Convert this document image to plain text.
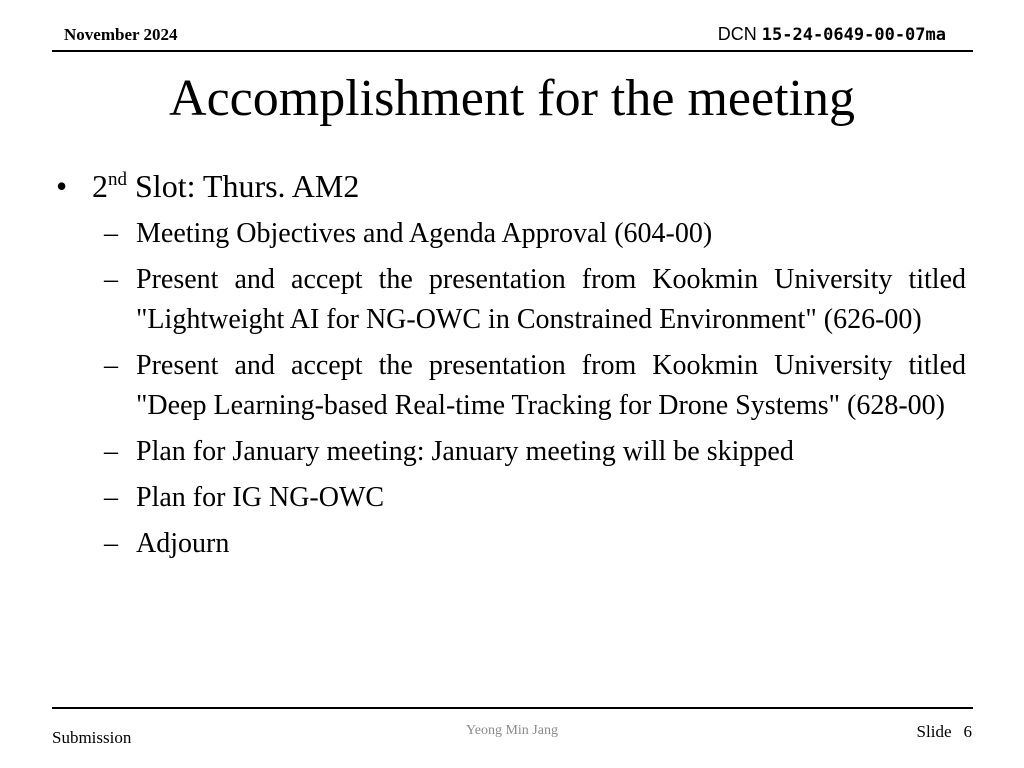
November 2024	DCN 15-24-0649-00-07ma
Accomplishment for the meeting
• 2nd Slot: Thurs. AM2
– Meeting Objectives and Agenda Approval (604-00)
– Present and accept the presentation from Kookmin University titled "Lightweight AI for NG-OWC in Constrained Environment" (626-00)
– Present and accept the presentation from Kookmin University titled "Deep Learning-based Real-time Tracking for Drone Systems" (628-00)
– Plan for January meeting: January meeting will be skipped
– Plan for IG NG-OWC
– Adjourn
Submission	Yeong Min Jang	Slide 6
